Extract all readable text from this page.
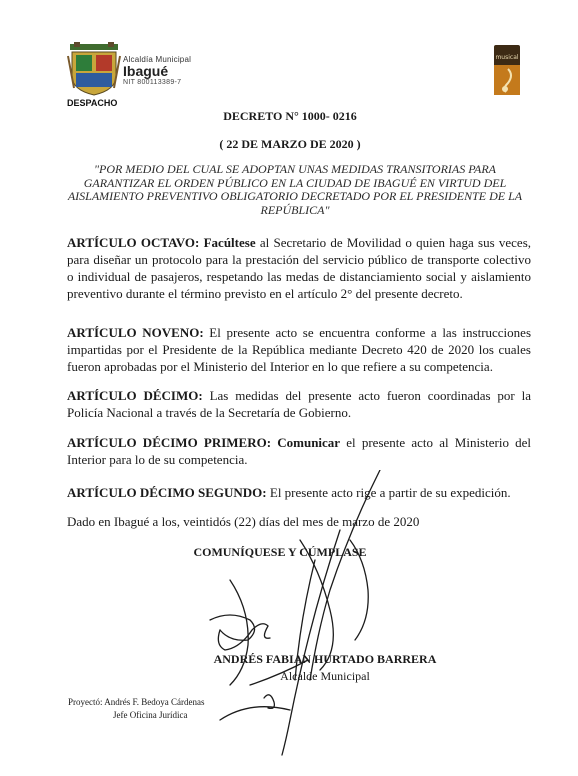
Alcaldía Municipal
Ibagué
NIT 800113389-7
DESPACHO
musical
DECRETO N° 1000- 0216
( 22 DE MARZO DE 2020 )
"POR MEDIO DEL CUAL SE ADOPTAN UNAS MEDIDAS TRANSITORIAS PARA GARANTIZAR EL ORDEN PÚBLICO EN LA CIUDAD DE IBAGUÉ EN VIRTUD DEL AISLAMIENTO PREVENTIVO OBLIGATORIO DECRETADO POR EL PRESIDENTE DE LA REPÚBLICA"
ARTÍCULO OCTAVO: Facúltese al Secretario de Movilidad o quien haga sus veces, para diseñar un protocolo para la prestación del servicio público de transporte colectivo o individual de pasajeros, respetando las medas de distanciamiento social y aislamiento preventivo durante el término previsto en el artículo 2° del presente decreto.
ARTÍCULO NOVENO: El presente acto se encuentra conforme a las instrucciones impartidas por el Presidente de la República mediante Decreto 420 de 2020 los cuales fueron aprobadas por el Ministerio del Interior en lo que refiere a su competencia.
ARTÍCULO DÉCIMO: Las medidas del presente acto fueron coordinadas por la Policía Nacional a través de la Secretaría de Gobierno.
ARTÍCULO DÉCIMO PRIMERO: Comunicar el presente acto al Ministerio del Interior para lo de su competencia.
ARTÍCULO DÉCIMO SEGUNDO: El presente acto rige a partir de su expedición.
Dado en Ibagué a los, veintidós (22) días del mes de marzo de 2020
COMUNÍQUESE Y CÚMPLASE
ANDRÉS FABIAN HURTADO BARRERA
Alcalde Municipal
Proyectó: Andrés F. Bedoya Cárdenas
Jefe Oficina Jurídica
